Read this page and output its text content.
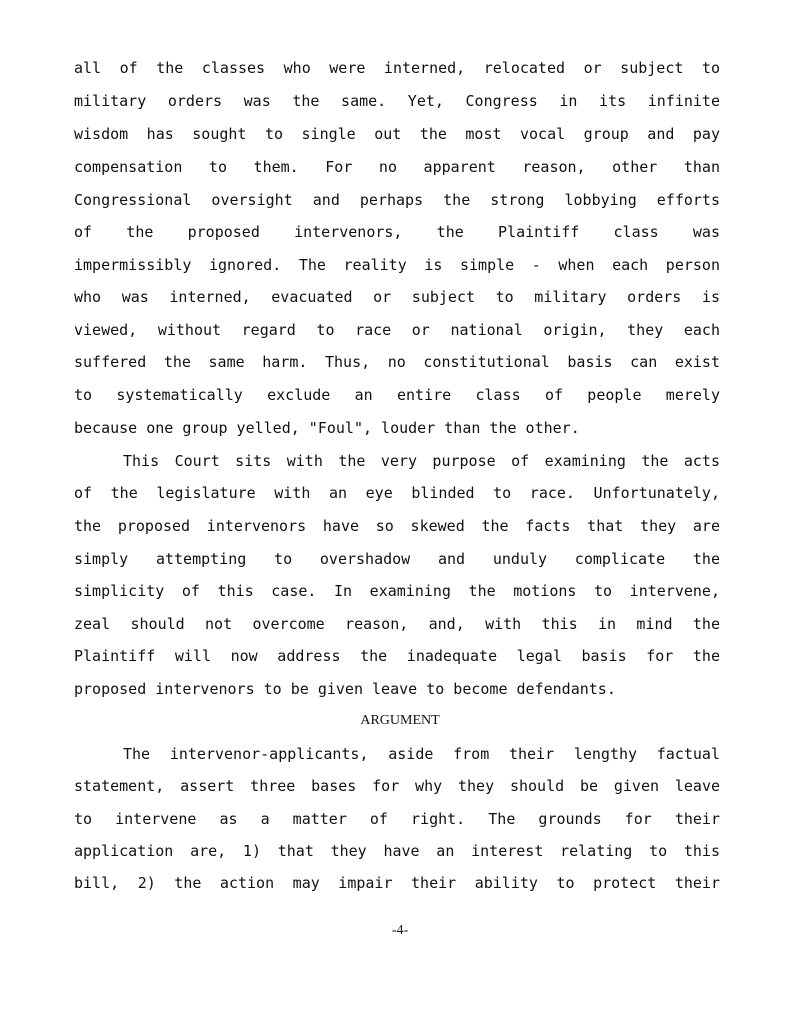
all of the classes who were interned, relocated or subject to
military orders was the same. Yet, Congress in its infinite
wisdom has sought to single out the most vocal group and pay
compensation to them. For no apparent reason, other than
Congressional oversight and perhaps the strong lobbying efforts
of the proposed intervenors, the Plaintiff class was
impermissibly ignored. The reality is simple - when each person
who was interned, evacuated or subject to military orders is
viewed, without regard to race or national origin, they each
suffered the same harm. Thus, no constitutional basis can exist
to systematically exclude an entire class of people merely
because one group yelled, "Foul", louder than the other.
This Court sits with the very purpose of examining the acts
of the legislature with an eye blinded to race. Unfortunately,
the proposed intervenors have so skewed the facts that they are
simply attempting to overshadow and unduly complicate the
simplicity of this case. In examining the motions to intervene,
zeal should not overcome reason, and, with this in mind the
Plaintiff will now address the inadequate legal basis for the
proposed intervenors to be given leave to become defendants.
ARGUMENT
The intervenor-applicants, aside from their lengthy factual
statement, assert three bases for why they should be given leave
to intervene as a matter of right. The grounds for their
application are, 1) that they have an interest relating to this
bill, 2) the action may impair their ability to protect their
-4-
